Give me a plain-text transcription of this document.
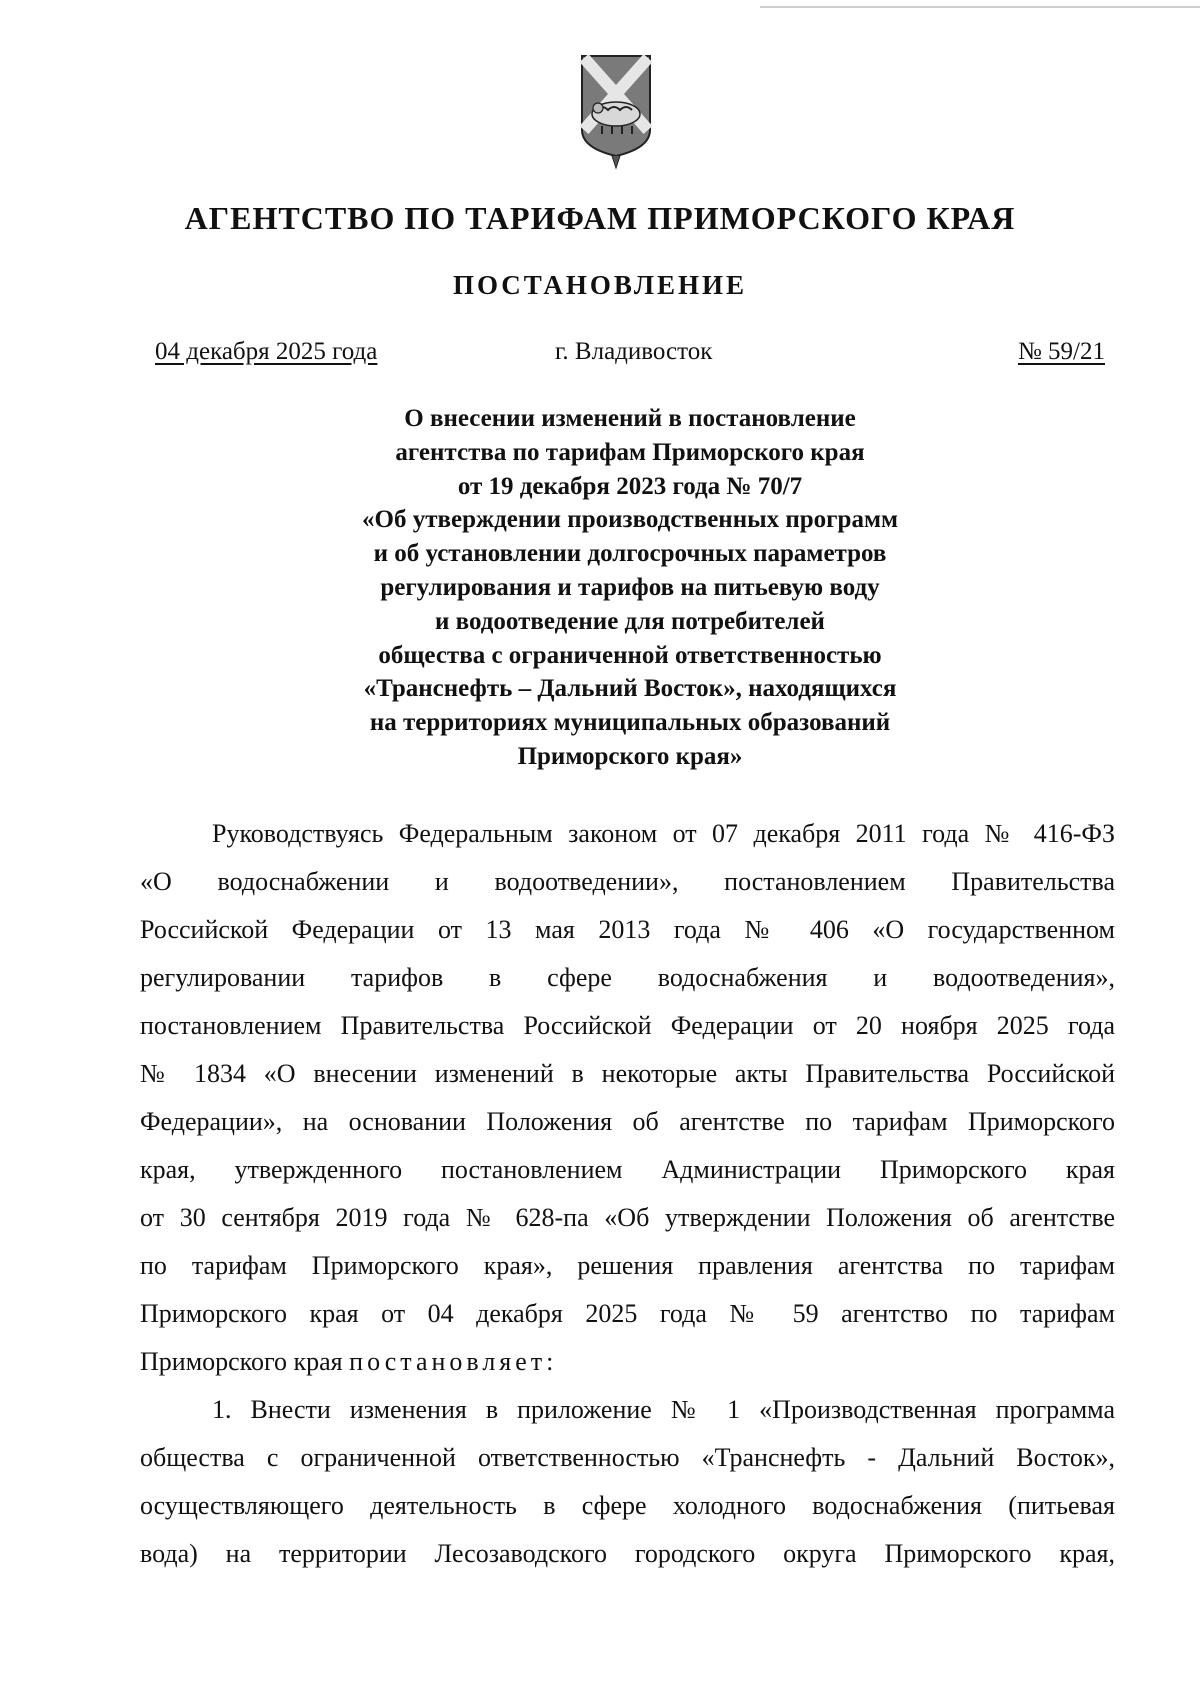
АГЕНТСТВО ПО ТАРИФАМ ПРИМОРСКОГО КРАЯ
ПОСТАНОВЛЕНИЕ
04 декабря 2025 года	г. Владивосток	№ 59/21
О внесении изменений в постановление
агентства по тарифам Приморского края
от 19 декабря 2023 года № 70/7
«Об утверждении производственных программ
и об установлении долгосрочных параметров
регулирования и тарифов на питьевую воду
и водоотведение для потребителей
общества с ограниченной ответственностью
«Транснефть – Дальний Восток», находящихся
на территориях муниципальных образований
Приморского края»
Руководствуясь Федеральным законом от 07 декабря 2011 года № 416-ФЗ
«О водоснабжении и водоотведении», постановлением Правительства
Российской Федерации от 13 мая 2013 года № 406 «О государственном
регулировании тарифов в сфере водоснабжения и водоотведения»,
постановлением Правительства Российской Федерации от 20 ноября 2025 года
№ 1834 «О внесении изменений в некоторые акты Правительства Российской
Федерации», на основании Положения об агентстве по тарифам Приморского
края, утвержденного постановлением Администрации Приморского края
от 30 сентября 2019 года № 628-па «Об утверждении Положения об агентстве
по тарифам Приморского края», решения правления агентства по тарифам
Приморского края от 04 декабря 2025 года № 59 агентство по тарифам
Приморского края постановляет:
1. Внести изменения в приложение № 1 «Производственная программа
общества с ограниченной ответственностью «Транснефть - Дальний Восток»,
осуществляющего деятельность в сфере холодного водоснабжения (питьевая
вода) на территории Лесозаводского городского округа Приморского края,
